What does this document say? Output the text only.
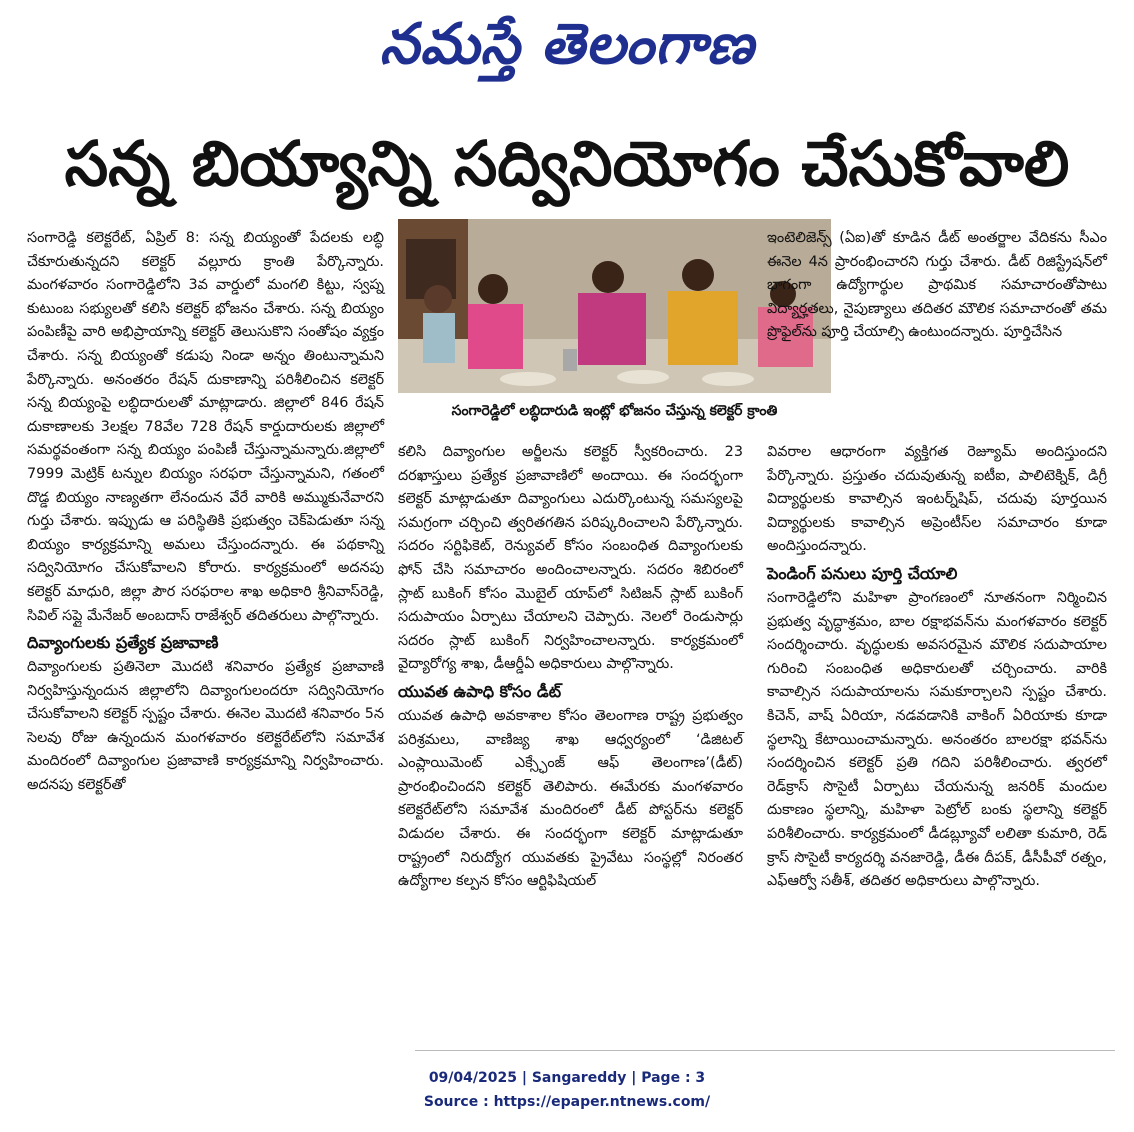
నమస్తే తెలంగాణ
సన్న బియ్యాన్ని సద్వినియోగం చేసుకోవాలి

సంగారెడ్డి కలెక్టరేట్, ఏప్రిల్ 8: సన్న బియ్యంతో పేదలకు లబ్ధి చేకూరుతున్నదని కలెక్టర్ వల్లూరు క్రాంతి పేర్కొన్నారు. మంగళవారం సంగారెడ్డిలోని 3వ వార్డులో మంగలి కిట్టు, స్వప్న కుటుంబ సభ్యులతో కలిసి కలెక్టర్ భోజనం చేశారు. సన్న బియ్యం పంపిణీపై వారి అభిప్రాయాన్ని కలెక్టర్ తెలుసుకొని సంతోషం వ్యక్తం చేశారు. సన్న బియ్యంతో కడుపు నిండా అన్నం తింటున్నామని పేర్కొన్నారు. అనంతరం రేషన్ దుకాణాన్ని పరిశీలించిన కలెక్టర్ సన్న బియ్యంపై లబ్ధిదారులతో మాట్లాడారు. జిల్లాలో 846 రేషన్ దుకాణాలకు 3లక్షల 78వేల 728 రేషన్ కార్డుదారులకు జిల్లాలో సమర్థవంతంగా సన్న బియ్యం పంపిణీ చేస్తున్నామన్నారు.జిల్లాలో 7999 మెట్రిక్ టన్నుల బియ్యం సరఫరా చేస్తున్నామని, గతంలో దొడ్డ బియ్యం నాణ్యతగా లేనందున వేరే వారికి అమ్ముకునేవారని గుర్తు చేశారు. ఇప్పుడు ఆ పరిస్థితికి ప్రభుత్వం చెక్‌పెడుతూ సన్న బియ్యం కార్యక్రమాన్ని అమలు చేస్తుందన్నారు. ఈ పథకాన్ని సద్వినియోగం చేసుకోవాలని కోరారు. కార్యక్రమంలో అదనపు కలెక్టర్ మాధురి, జిల్లా పౌర సరఫరాల శాఖ అధికారి శ్రీనివాస్‌రెడ్డి, సివిల్ సప్లై మేనేజర్ అంబదాస్ రాజేశ్వర్ తదితరులు పాల్గొన్నారు.

దివ్యాంగులకు ప్రత్యేక ప్రజావాణి

దివ్యాంగులకు ప్రతినెలా మొదటి శనివారం ప్రత్యేక ప్రజావాణి నిర్వహిస్తున్నందున జిల్లాలోని దివ్యాంగులందరూ సద్వినియోగం చేసుకోవాలని కలెక్టర్ స్పష్టం చేశారు. ఈనెల మొదటి శనివారం 5న సెలవు రోజు ఉన్నందున మంగళవారం కలెక్టరేట్‌లోని సమావేశ మందిరంలో దివ్యాంగుల ప్రజావాణి కార్యక్రమాన్ని నిర్వహించారు. అదనపు కలెక్టర్‌తో

సంగారెడ్డిలో లబ్ధిదారుడి ఇంట్లో భోజనం చేస్తున్న కలెక్టర్ క్రాంతి

ఇంటెలిజెన్స్ (ఏఐ)తో కూడిన డీట్ అంతర్జాల వేదికను సీఎం ఈనెల 4న ప్రారంభించారని గుర్తు చేశారు. డీట్ రిజిస్ట్రేషన్‌లో భాగంగా ఉద్యోగార్థుల ప్రాథమిక సమాచారంతోపాటు విద్యార్హతలు, నైపుణ్యాలు తదితర మౌలిక సమాచారంతో తమ ప్రొఫైల్‌ను పూర్తి చేయాల్సి ఉంటుందన్నారు. పూర్తిచేసిన

కలిసి దివ్యాంగుల అర్జీలను కలెక్టర్ స్వీకరించారు. 23 దరఖాస్తులు ప్రత్యేక ప్రజావాణిలో అందాయి. ఈ సందర్భంగా కలెక్టర్ మాట్లాడుతూ దివ్యాంగులు ఎదుర్కొంటున్న సమస్యలపై సమగ్రంగా చర్చించి త్వరితగతిన పరిష్కరించాలని పేర్కొన్నారు. సదరం సర్టిఫికెట్, రెన్యువల్ కోసం సంబంధిత దివ్యాంగులకు ఫోన్ చేసి సమాచారం అందించాలన్నారు. సదరం శిబిరంలో స్లాట్ బుకింగ్ కోసం మొబైల్ యాప్‌లో సిటిజన్ స్లాట్ బుకింగ్ సదుపాయం ఏర్పాటు చేయాలని చెప్పారు. నెలలో రెండుసార్లు సదరం స్లాట్ బుకింగ్ నిర్వహించాలన్నారు. కార్యక్రమంలో వైద్యారోగ్య శాఖ, డీఆర్డీఏ అధికారులు పాల్గొన్నారు.

యువత ఉపాధి కోసం డీట్

యువత ఉపాధి అవకాశాల కోసం తెలంగాణ రాష్ట్ర ప్రభుత్వం పరిశ్రమలు, వాణిజ్య శాఖ ఆధ్వర్యంలో ‘డిజిటల్ ఎంప్లాయిమెంట్ ఎక్స్ఛేంజ్ ఆఫ్ తెలంగాణ’(డీట్) ప్రారంభించిందని కలెక్టర్ తెలిపారు. ఈమేరకు మంగళవారం కలెక్టరేట్‌లోని సమావేశ మందిరంలో డీట్ పోస్టర్‌ను కలెక్టర్ విడుదల చేశారు. ఈ సందర్భంగా కలెక్టర్ మాట్లాడుతూ రాష్ట్రంలో నిరుద్యోగ యువతకు ప్రైవేటు సంస్థల్లో నిరంతర ఉద్యోగాల కల్పన కోసం ఆర్టిఫిషియల్

వివరాల ఆధారంగా వ్యక్తిగత రెజ్యూమ్ అందిస్తుందని పేర్కొన్నారు. ప్రస్తుతం చదువుతున్న ఐటీఐ, పాలిటెక్నిక్, డిగ్రీ విద్యార్థులకు కావాల్సిన ఇంటర్న్‌షిప్, చదువు పూర్తయిన విద్యార్థులకు కావాల్సిన అప్రెంటీస్‌ల సమాచారం కూడా అందిస్తుందన్నారు.

పెండింగ్ పనులు పూర్తి చేయాలి

సంగారెడ్డిలోని మహిళా ప్రాంగణంలో నూతనంగా నిర్మించిన ప్రభుత్వ వృద్ధాశ్రమం, బాల రక్షాభవన్‌ను మంగళవారం కలెక్టర్ సందర్శించారు. వృద్ధులకు అవసరమైన మౌలిక సదుపాయాల గురించి సంబంధిత అధికారులతో చర్చించారు. వారికి కావాల్సిన సదుపాయాలను సమకూర్చాలని స్పష్టం చేశారు. కిచెన్, వాష్ ఏరియా, నడవడానికి వాకింగ్ ఏరియాకు కూడా స్థలాన్ని కేటాయించామన్నారు. అనంతరం బాలరక్షా భవన్‌ను సందర్శించిన కలెక్టర్ ప్రతి గదిని పరిశీలించారు. త్వరలో రెడ్‌క్రాస్ సొసైటీ ఏర్పాటు చేయనున్న జనరిక్ మందుల దుకాణం స్థలాన్ని, మహిళా పెట్రోల్ బంకు స్థలాన్ని కలెక్టర్ పరిశీలించారు. కార్యక్రమంలో డీడబ్ల్యూవో లలితా కుమారి, రెడ్ క్రాస్ సొసైటీ కార్యదర్శి వనజారెడ్డి, డీఈ దీపక్, డీసీపీవో రత్నం, ఎఫ్ఆర్వో సతీశ్, తదితర అధికారులు పాల్గొన్నారు.

09/04/2025 | Sangareddy | Page : 3
Source : https://epaper.ntnews.com/
